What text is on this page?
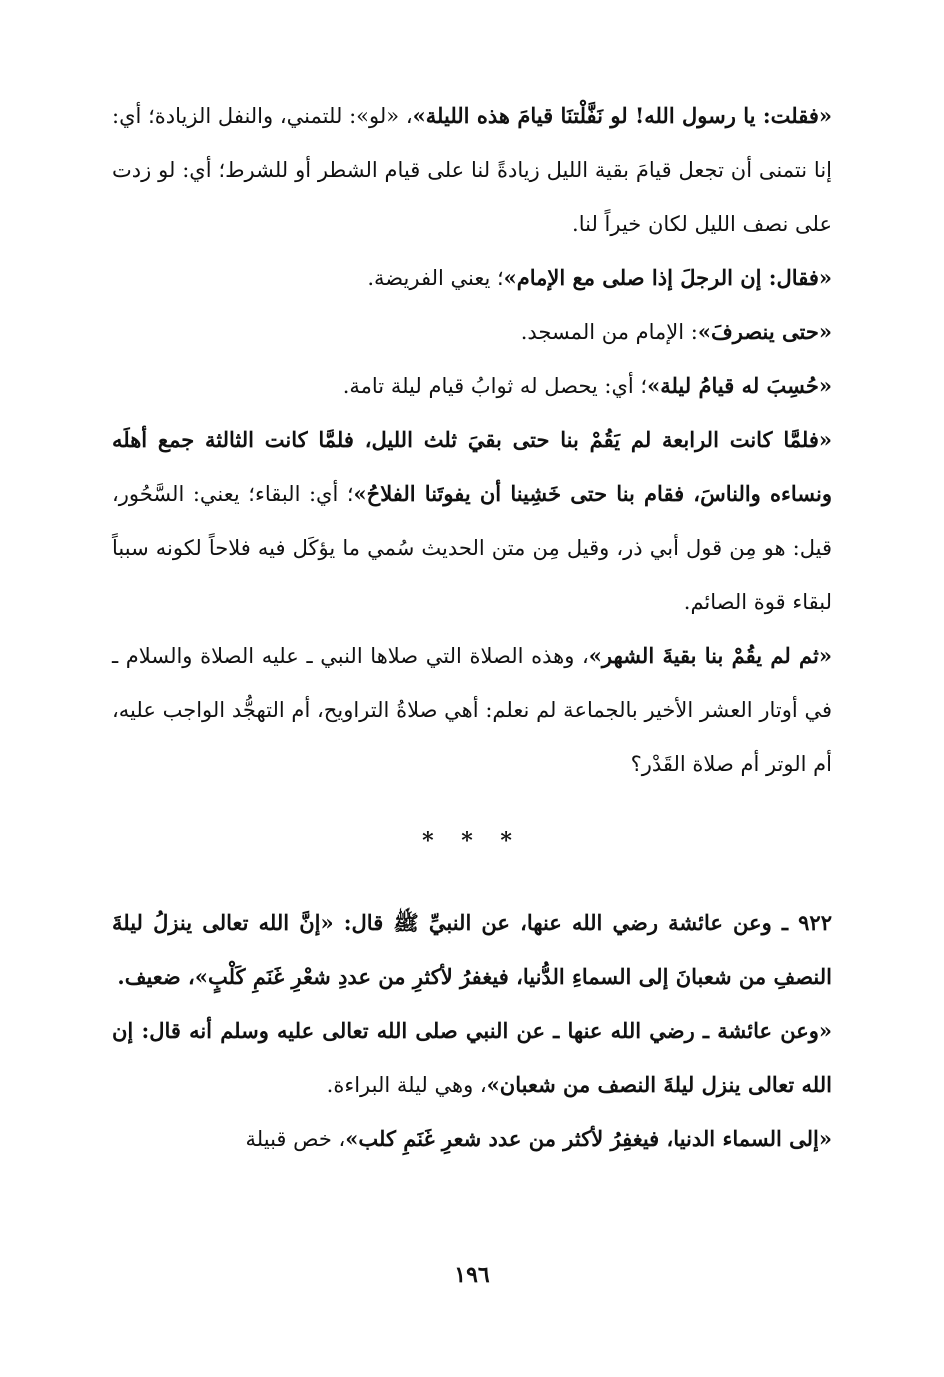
«فقلت: يا رسول الله! لو نَفَّلْتنَا قيامَ هذه الليلة»، «لو»: للتمني، والنفل الزيادة؛ أي: إنا نتمنى أن تجعل قيامَ بقية الليل زيادةً لنا على قيام الشطر أو للشرط؛ أي: لو زدت على نصف الليل لكان خيراً لنا.

«فقال: إن الرجلَ إذا صلى مع الإمام»؛ يعني الفريضة.

«حتى ينصرفَ»: الإمام من المسجد.

«حُسِبَ له قيامُ ليلة»؛ أي: يحصل له ثوابُ قيام ليلة تامة.

«فلمَّا كانت الرابعة لم يَقُمْ بنا حتى بقيَ ثلث الليل، فلمَّا كانت الثالثة جمع أهلَه ونساءه والناسَ، فقام بنا حتى خَشِينا أن يفوتَنا الفلاحُ»؛ أي: البقاء؛ يعني: السَّحُور، قيل: هو مِن قول أبي ذر، وقيل مِن متن الحديث سُمي ما يؤكَل فيه فلاحاً لكونه سبباً لبقاء قوة الصائم.

«ثم لم يقُمْ بنا بقيةَ الشهر»، وهذه الصلاة التي صلاها النبي ـ عليه الصلاة والسلام ـ في أوتار العشر الأخير بالجماعة لم نعلم: أهي صلاةُ التراويح، أم التهجُّد الواجب عليه، أم الوتر أم صلاة القَدْر؟

* * *

٩٢٢ ـ وعن عائشة رضي الله عنها، عن النبيِّ ﷺ قال: «إنَّ الله تعالى ينزلُ ليلةَ النصفِ من شعبانَ إلى السماءِ الدُّنيا، فيغفرُ لأكثرِ من عددِ شعْرِ غَنَمِ كَلْبٍ»، ضعيف.

«وعن عائشة ـ رضي الله عنها ـ عن النبي صلى الله تعالى عليه وسلم أنه قال: إن الله تعالى ينزل ليلةَ النصف من شعبان»، وهي ليلة البراءة.

«إلى السماء الدنيا، فيغفِرُ لأكثر من عدد شعرِ غَنَمِ كلب»، خص قبيلة

١٩٦
